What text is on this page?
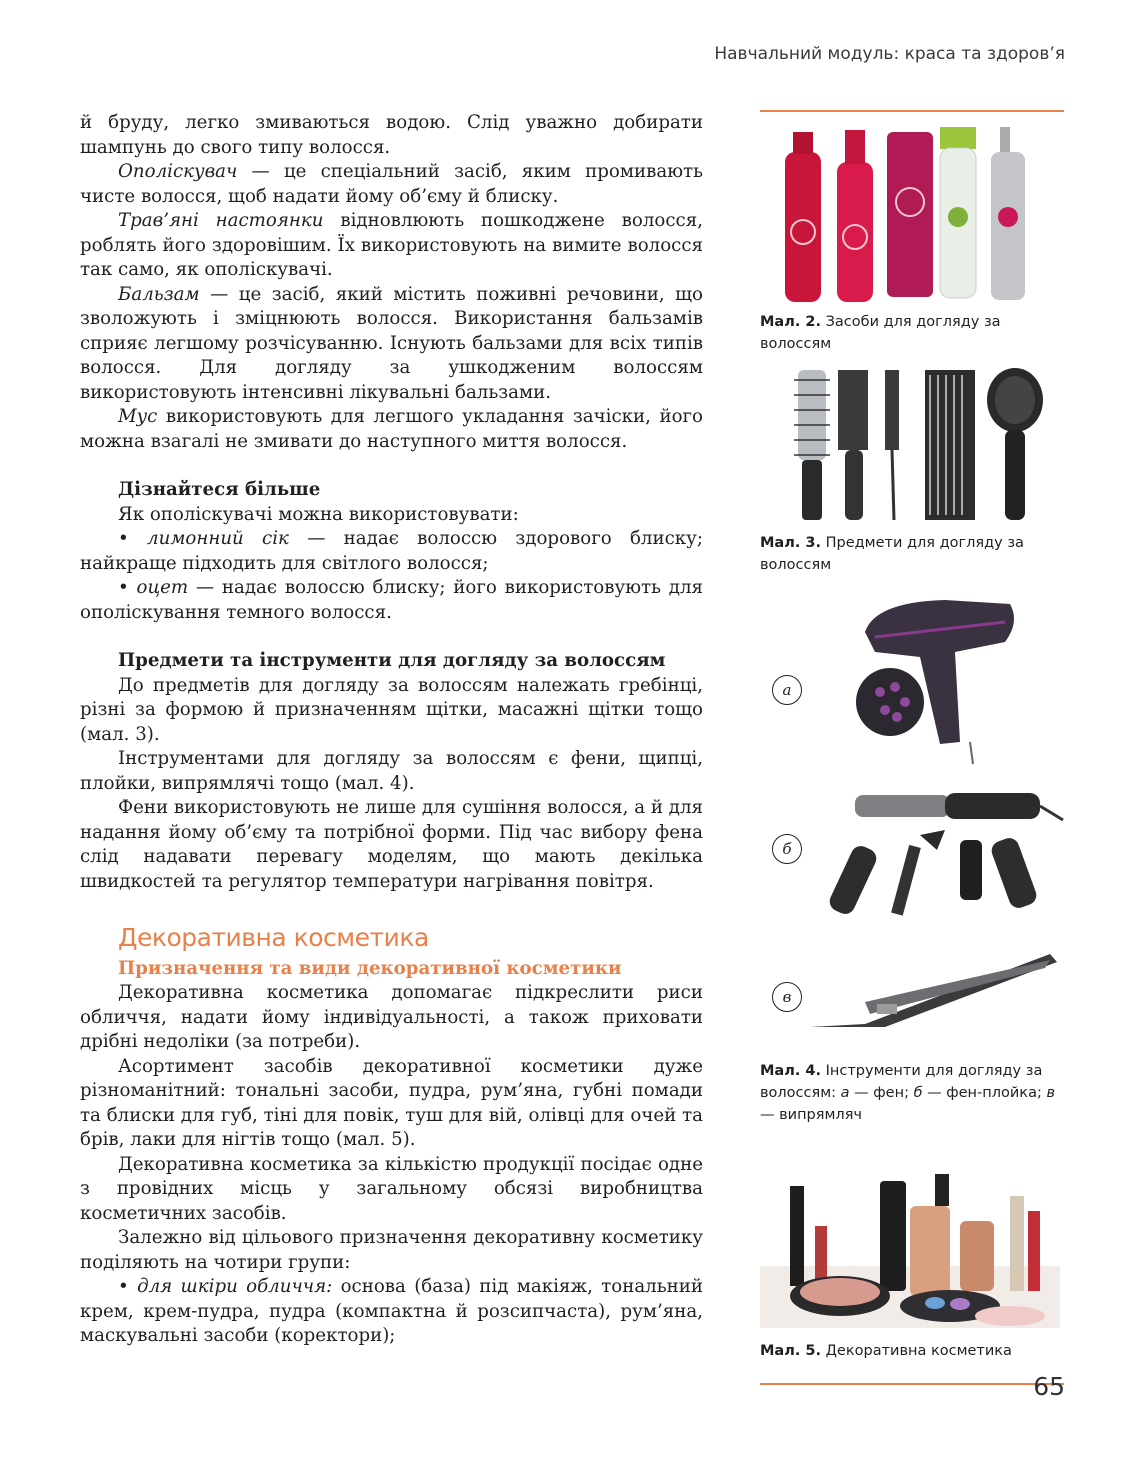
Навчальний модуль: краса та здоров’я

й бруду, легко змиваються водою. Слід уважно добирати шампунь до свого типу волосся.

Ополіскувач — це спеціальний засіб, яким промивають чисте волосся, щоб надати йому об’єму й блиску.

Трав’яні настоянки відновлюють пошкоджене волосся, роблять його здоровішим. Їх використовують на вимите волосся так само, як ополіскувачі.

Бальзам — це засіб, який містить поживні речовини, що зволожують і зміцнюють волосся. Використання бальзамів сприяє легшому розчісуванню. Існують бальзами для всіх типів волосся. Для догляду за ушкодженим волоссям використовують інтенсивні лікувальні бальзами.

Мус використовують для легшого укладання зачіски, його можна взагалі не змивати до наступного миття волосся.

Дізнайтеся більше

Як ополіскувачі можна використовувати:

• лимонний сік — надає волоссю здорового блиску; найкраще підходить для світлого волосся;

• оцет — надає волоссю блиску; його використовують для ополіскування темного волосся.

Предмети та інструменти для догляду за волоссям

До предметів для догляду за волоссям належать гребінці, різні за формою й призначенням щітки, масажні щітки тощо (мал. 3).

Інструментами для догляду за волоссям є фени, щипці, плойки, випрямлячі тощо (мал. 4).

Фени використовують не лише для сушіння волосся, а й для надання йому об’єму та потрібної форми. Під час вибору фена слід надавати перевагу моделям, що мають декілька швидкостей та регулятор температури нагрівання повітря.

Декоративна косметика

Призначення та види декоративної косметики

Декоративна косметика допомагає підкреслити риси обличчя, надати йому індивідуальності, а також приховати дрібні недоліки (за потреби).

Асортимент засобів декоративної косметики дуже різноманітний: тональні засоби, пудра, рум’яна, губні помади та блиски для губ, тіні для повік, туш для вій, олівці для очей та брів, лаки для нігтів тощо (мал. 5).

Декоративна косметика за кількістю продукції посідає одне з провідних місць у загальному обсязі виробництва косметичних засобів.

Залежно від цільового призначення декоративну косметику поділяють на чотири групи:

• для шкіри обличчя: основа (база) під макіяж, тональний крем, крем-пудра, пудра (компактна й розсипчаста), рум’яна, маскувальні засоби (коректори);

Мал. 2. Засоби для догляду за волоссям
Мал. 3. Предмети для догляду за волоссям
а
б
в
Мал. 4. Інструменти для догляду за волоссям: а — фен; б — фен-плойка; в — випрямляч
Мал. 5. Декоративна косметика
65
